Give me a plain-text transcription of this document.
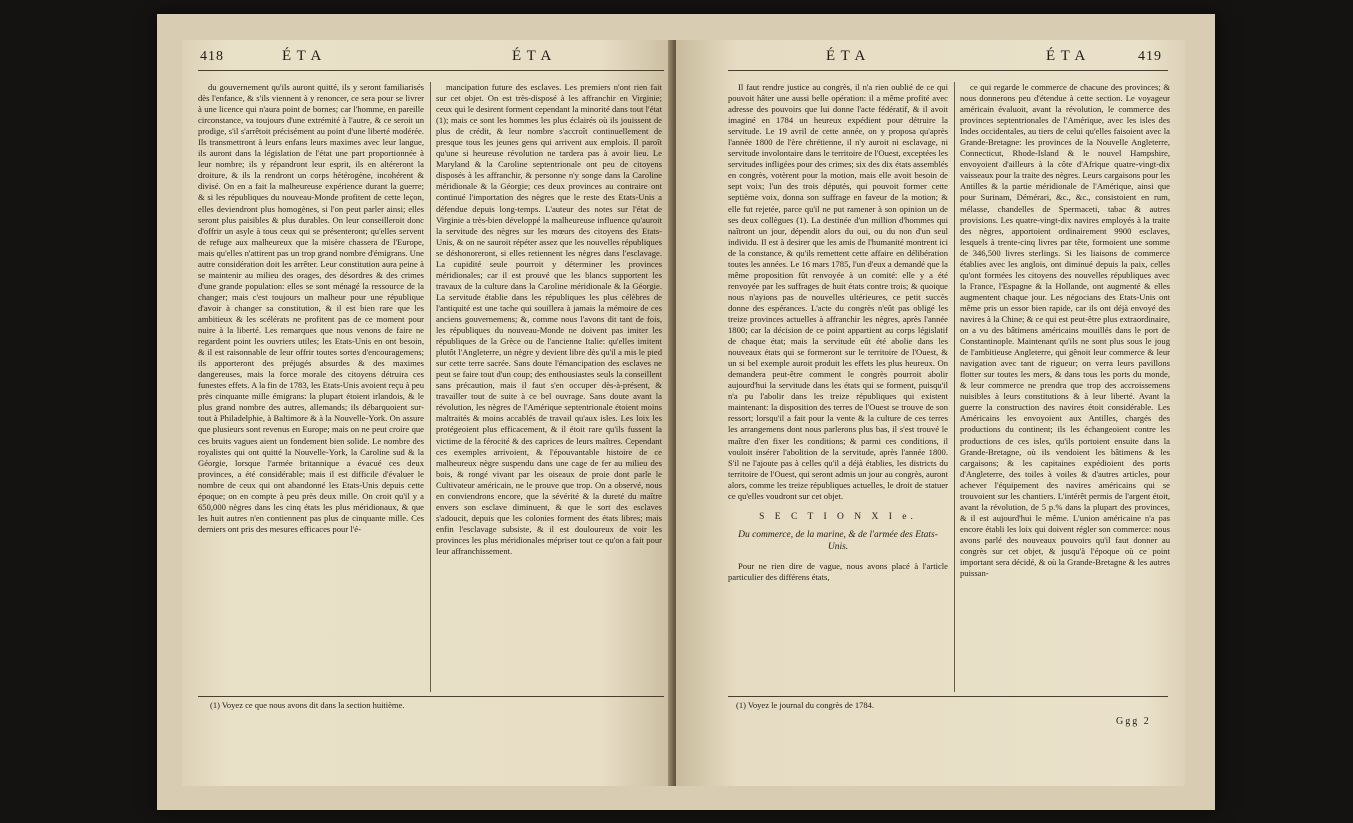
418	É T A	É T A

du gouvernement qu'ils auront quitté, ils y seront familiarisés dès l'enfance, & s'ils viennent à y renoncer, ce sera pour se livrer à une licence qui n'aura point de bornes; car l'homme, en pareille circonstance, va toujours d'une extrémité à l'autre, & ce seroit un prodige, s'il s'arrêtoit précisément au point d'une liberté modérée. Ils transmettront à leurs enfans leurs maximes avec leur langue, ils auront dans la législation de l'état une part proportionnée à leur nombre; ils y répandront leur esprit, ils en altéreront la droiture, & ils la rendront un corps hétérogène, incohérent & divisé. On en a fait la malheureuse expérience durant la guerre; & si les républiques du nouveau-Monde profitent de cette leçon, elles deviendront plus homogènes, si l'on peut parler ainsi; elles seront plus paisibles & plus durables. On leur conseilleroit donc d'offrir un asyle à tous ceux qui se présenteront; qu'elles servent de refuge aux malheureux que la misère chassera de l'Europe, mais qu'elles n'attirent pas un trop grand nombre d'émigrans. Une autre considération doit les arrêter. Leur constitution aura peine à se maintenir au milieu des orages, des désordres & des crimes d'une grande population: elles se sont ménagé la ressource de la changer; mais c'est toujours un malheur pour une république d'avoir à changer sa constitution, & il est bien rare que les ambitieux & les scélérats ne profitent pas de ce moment pour nuire à la liberté. Les remarques que nous venons de faire ne regardent point les ouvriers utiles; les Etats-Unis en ont besoin, & il est raisonnable de leur offrir toutes sortes d'encouragemens; ils apporteront des préjugés absurdes & des maximes dangereuses, mais la force morale des citoyens détruira ces funestes effets. A la fin de 1783, les Etats-Unis avoient reçu à peu près cinquante mille émigrans: la plupart étoient irlandois, & le plus grand nombre des autres, allemands; ils débarquoient sur-tout à Philadelphie, à Baltimore & à la Nouvelle-York. On assure que plusieurs sont revenus en Europe; mais on ne peut croire que ces bruits vagues aient un fondement bien solide. Le nombre des royalistes qui ont quitté la Nouvelle-York, la Caroline sud & la Géorgie, lorsque l'armée britannique a évacué ces deux provinces, a été considérable; mais il est difficile d'évaluer le nombre de ceux qui ont abandonné les Etats-Unis depuis cette époque; on en compte à peu près deux mille. On croit qu'il y a 650,000 nègres dans les cinq états les plus méridionaux, & que les huit autres n'en contiennent pas plus de cinquante mille. Ces derniers ont pris des mesures efficaces pour l'é-

mancipation future des esclaves. Les premiers n'ont rien fait sur cet objet. On est très-disposé à les affranchir en Virginie; ceux qui le desirent forment cependant la minorité dans tout l'état (1); mais ce sont les hommes les plus éclairés où ils jouissent de plus de crédit, & leur nombre s'accroît continuellement de presque tous les jeunes gens qui arrivent aux emplois. Il paroît qu'une si heureuse révolution ne tardera pas à avoir lieu. Le Maryland & la Caroline septentrionale ont peu de citoyens disposés à les affranchir, & personne n'y songe dans la Caroline méridionale & la Géorgie; ces deux provinces au contraire ont continué l'importation des nègres que le reste des Etats-Unis a défendue depuis long-temps. L'auteur des notes sur l'état de Virginie a très-bien développé la malheureuse influence qu'auroit la servitude des nègres sur les mœurs des citoyens des Etats-Unis, & on ne sauroit répéter assez que les nouvelles républiques se déshonoreront, si elles retiennent les nègres dans l'esclavage. La cupidité seule pourroit y déterminer les provinces méridionales; car il est prouvé que les blancs supportent les travaux de la culture dans la Caroline méridionale & la Géorgie. La servitude établie dans les républiques les plus célèbres de l'antiquité est une tache qui souillera à jamais la mémoire de ces anciens gouvernemens; &, comme nous l'avons dit tant de fois, les républiques du nouveau-Monde ne doivent pas imiter les républiques de la Grèce ou de l'ancienne Italie: qu'elles imitent plutôt l'Angleterre, un nègre y devient libre dès qu'il a mis le pied sur cette terre sacrée. Sans doute l'émancipation des esclaves ne peut se faire tout d'un coup; des enthousiastes seuls la conseillent sans précaution, mais il faut s'en occuper dès-à-présent, & travailler tout de suite à ce bel ouvrage. Sans doute avant la révolution, les nègres de l'Amérique septentrionale étoient moins maltraités & moins accablés de travail qu'aux isles. Les loix les protégeoient plus efficacement, & il étoit rare qu'ils fussent la victime de la férocité & des caprices de leurs maîtres. Cependant ces exemples arrivoient, & l'épouvantable histoire de ce malheureux nègre suspendu dans une cage de fer au milieu des bois, & rongé vivant par les oiseaux de proie dont parle le Cultivateur américain, ne le prouve que trop. On a observé, nous en conviendrons encore, que la sévérité & la dureté du maître envers son esclave diminuent, & que le sort des esclaves s'adoucit, depuis que les colonies forment des états libres; mais enfin l'esclavage subsiste, & il est douloureux de voir les provinces les plus méridionales mépriser tout ce qu'on a fait pour leur affranchissement.

(1) Voyez ce que nous avons dit dans la section huitième.
É T A	É T A	419

Il faut rendre justice au congrès, il n'a rien oublié de ce qui pouvoit hâter une aussi belle opération: il a même profité avec adresse des pouvoirs que lui donne l'acte fédératif, & il avoit imaginé en 1784 un heureux expédient pour détruire la servitude. Le 19 avril de cette année, on y proposa qu'après l'année 1800 de l'ère chrétienne, il n'y auroit ni esclavage, ni servitude involontaire dans le territoire de l'Ouest, exceptées les servitudes infligées pour des crimes; six des dix états assemblés en congrès, votèrent pour la motion, mais elle avoit besoin de sept voix; l'un des trois députés, qui pouvoit former cette septième voix, donna son suffrage en faveur de la motion; & elle fut rejetée, parce qu'il ne put ramener à son opinion un de ses deux collègues (1). La destinée d'un million d'hommes qui naîtront un jour, dépendit alors du oui, ou du non d'un seul individu. Il est à desirer que les amis de l'humanité montrent ici de la constance, & qu'ils remettent cette affaire en délibération toutes les années. Le 16 mars 1785, l'un d'eux a demandé que la même proposition fût renvoyée à un comité: elle y a été renvoyée par les suffrages de huit états contre trois; & quoique nous n'ayions pas de nouvelles ultérieures, ce petit succès donne des espérances. L'acte du congrès n'eût pas obligé les treize provinces actuelles à affranchir les nègres, après l'année 1800; car la décision de ce point appartient au corps législatif de chaque état; mais la servitude eût été abolie dans les nouveaux états qui se formeront sur le territoire de l'Ouest, & un si bel exemple auroit produit les effets les plus heureux. On demandera peut-être comment le congrès pourroit abolir aujourd'hui la servitude dans les états qui se forment, puisqu'il n'a pu l'abolir dans les treize républiques qui existent maintenant: la disposition des terres de l'Ouest se trouve de son ressort; lorsqu'il a fait pour la vente & la culture de ces terres les arrangemens dont nous parlerons plus bas, il s'est trouvé le maître d'en fixer les conditions; & parmi ces conditions, il vouloit insérer l'abolition de la servitude, après l'année 1800. S'il ne l'ajoute pas à celles qu'il a déjà établies, les districts du territoire de l'Ouest, qui seront admis un jour au congrès, auront alors, comme les treize républiques actuelles, le droit de statuer ce qu'elles voudront sur cet objet.

S E C T I O N X I e.
Du commerce, de la marine, & de l'armée des Etats-Unis.

Pour ne rien dire de vague, nous avons placé à l'article particulier des différens états,

ce qui regarde le commerce de chacune des provinces; & nous donnerons peu d'étendue à cette section. Le voyageur américain évaluoit, avant la révolution, le commerce des provinces septentrionales de l'Amérique, avec les isles des Indes occidentales, au tiers de celui qu'elles faisoient avec la Grande-Bretagne: les provinces de la Nouvelle Angleterre, Connecticut, Rhode-Island & le nouvel Hampshire, envoyoient d'ailleurs à la côte d'Afrique quatre-vingt-dix vaisseaux pour la traite des nègres. Leurs cargaisons pour les Antilles & la partie méridionale de l'Amérique, ainsi que pour Surinam, Démérari, &c., &c., consistoient en rum, mélasse, chandelles de Spermaceti, tabac & autres provisions. Les quatre-vingt-dix navires employés à la traite des nègres, apportoient ordinairement 9900 esclaves, lesquels à trente-cinq livres par tête, formoient une somme de 346,500 livres sterlings. Si les liaisons de commerce établies avec les anglois, ont diminué depuis la paix, celles qu'ont formées les citoyens des nouvelles républiques avec la France, l'Espagne & la Hollande, ont augmenté & elles augmentent chaque jour. Les négocians des Etats-Unis ont même pris un essor bien rapide, car ils ont déjà envoyé des navires à la Chine; & ce qui est peut-être plus extraordinaire, on a vu des bâtimens américains mouillés dans le port de Constantinople. Maintenant qu'ils ne sont plus sous le joug de l'ambitieuse Angleterre, qui gênoit leur commerce & leur navigation avec tant de rigueur; on verra leurs pavillons flotter sur toutes les mers, & dans tous les ports du monde, & leur commerce ne prendra que trop des accroissemens nuisibles à leurs constitutions & à leur liberté. Avant la guerre la construction des navires étoit considérable. Les Américains les envoyoient aux Antilles, chargés des productions du continent; ils les échangeoient contre les productions de ces isles, qu'ils portoient ensuite dans la Grande-Bretagne, où ils vendoient les bâtimens & les cargaisons; & les capitaines expédioient des ports d'Angleterre, des toiles à voiles & d'autres articles, pour achever l'équipement des navires américains qui se trouvoient sur les chantiers. L'intérêt permis de l'argent étoit, avant la révolution, de 5 p.% dans la plupart des provinces, & il est aujourd'hui le même. L'union américaine n'a pas encore établi les loix qui doivent régler son commerce: nous avons parlé des nouveaux pouvoirs qu'il faut donner au congrès sur cet objet, & jusqu'à l'époque où ce point important sera décidé, & où la Grande-Bretagne & les autres puissan-

(1) Voyez le journal du congrès de 1784.
Ggg 2
